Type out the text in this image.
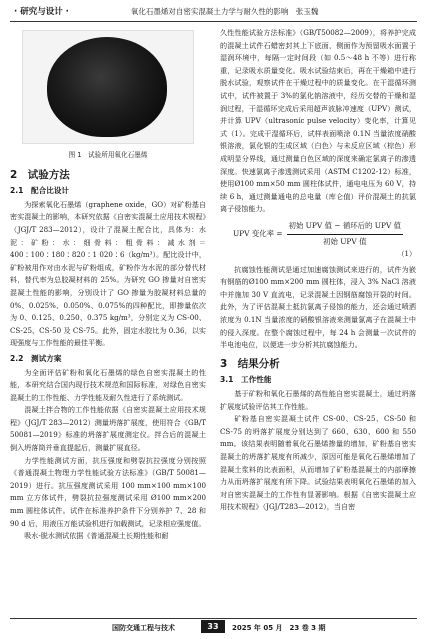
· 研究与设计 ·	氧化石墨烯对自密实混凝土力学与耐久性的影响　张玉魏
图 1　试验所用氧化石墨烯
2　试验方法
2.1　配合比设计

为探索氧化石墨烯（graphene oxide，GO）对矿粉基自密实混凝土的影响，本研究依据《自密实混凝土应用技术规程》（JGJ/T 283—2012），设计了混凝土配合比，具体为：水泥：矿粉：水：细骨料：粗骨料：减水剂＝400∶100∶180∶820∶1 020∶6（kg/m³）。配比设计中，矿粉被用作对由水泥与矿粉组成，矿粉作为水泥的部分替代材料，替代率为总胶凝材料的 25%。为研究 GO 掺量对自密实混凝土性能的影响，分别设计了 GO 掺量为胶凝材料总量的 0%、0.025%、0.050%、0.075%的四种配比，即掺量依次为 0、0.125、0.250、0.375 kg/m³，分别定义为 CS-00、CS-25、CS-50 及 CS-75。此外，固定水胶比为 0.36，以实现强度与工作性能的最佳平衡。

2.2　测试方案

为全面评估矿粉和氧化石墨烯的绿色自密实混凝土的性能，本研究结合国内现行技术规范和国际标准，对绿色自密实混凝土的工作性能、力学性能及耐久性进行了系统测试。

混凝土拌合物的工作性能依据《自密实混凝土应用技术规程》（JGJ/T 283—2012）测量坍落扩展度，使用符合《GB/T 50081—2019》标准的坍落扩展度测定仪。拌合后的混凝土倒入坍落筒并垂直提起后，测量扩展直径。

力学性能测试方面，抗压强度和劈裂抗拉强度分别按照《普通混凝土物理力学性能试验方法标准》（GB/T 50081—2019）进行。抗压强度测试采用 100 mm×100 mm×100 mm 立方体试件，劈裂抗拉强度测试采用 Ø100 mm×200 mm 圆柱体试件。试件在标准养护条件下分别养护 7、28 和 90 d 后，用液压万能试验机进行加载测试，记录相应强度值。

吸水-脱水测试依据《普通混凝土长期性能和耐

久性性能试验方法标准》（GB/T50082—2009），将养护完成的混凝土试件石蜡密封其上下底面，侧面作为预留吸水面置于湿润环境中，每隔一定时间段（如 0.5～48 h 不等）进行称重，记录吸水质量变化。吸水试验结束后，再在干燥箱中进行脱水试验，观察试件在干燥过程中的质量变化。在干湿循环测试中，试件被置于 3%的氯化钠溶液中，经历交替的干燥和湿润过程，干湿循环完成后采用超声波脉冲速度（UPV）测试，并计算 UPV（ultrasonic pulse velocity）变化率，计算见式（1）。完成干湿循环后，试样表面喷涂 0.1N 当量浓度硝酸银溶液，氯化银的生成区域（白色）与未反应区域（棕色）形成明显分界线，通过测量白色区域的深度来确定氯离子的渗透深度。快速氯离子渗透测试采用（ASTM C1202-12）标准，使用Ø100 mm×50 mm 圆柱体试件，通电电压为 60 V，持续 6 h，通过测量通电的总电量（库仑值）评价混凝土的抗氯离子侵蚀能力。

UPV 变化率 = $\frac{\text{初始 UPV 值 − 循环后的 UPV 值}}{\text{初始 UPV 值}}$
（1）

抗腐蚀性能测试是通过加速腐蚀测试来进行的，试件为嵌有钢筋的Ø100 mm×200 mm 圆柱体，浸入 3% NaCl 溶液中并施加 30 V 直流电，记录混凝土因钢筋腐蚀开裂的时间。此外，为了评估混凝土抵抗氯离子侵蚀的能力，还会通过喷洒浓度为 0.1N 当量浓度的硝酸银溶液来测量氯离子在混凝土中的侵入深度。在整个腐蚀过程中，每 24 h 会测量一次试件的半电池电位，以便进一步分析其抗腐蚀能力。

3　结果分析
3.1　工作性能

基于矿粉和氧化石墨烯的高性能自密实混凝土，通过坍落扩展度试验评估其工作性能。

矿粉基自密实混凝土试件 CS-00、CS-25、CS-50 和 CS-75 的坍落扩展度分别达到了 660、630、600 和 550 mm。该结果表明随着氧化石墨烯掺量的增加，矿粉基自密实混凝土的坍落扩展度有所减少，原因可能是氧化石墨烯增加了混凝土浆料的比表面积，从而增加了矿粉基混凝土的内部摩擦力从而坍落扩展度有所下降。试验结果表明氧化石墨烯的加入对自密实混凝土的工作性有显著影响。根据《自密实混凝土应用技术规程》（JGJ/T283—2012），当自密

国防交通工程与技术	33	2025 年 05 月　23 卷 3 期
